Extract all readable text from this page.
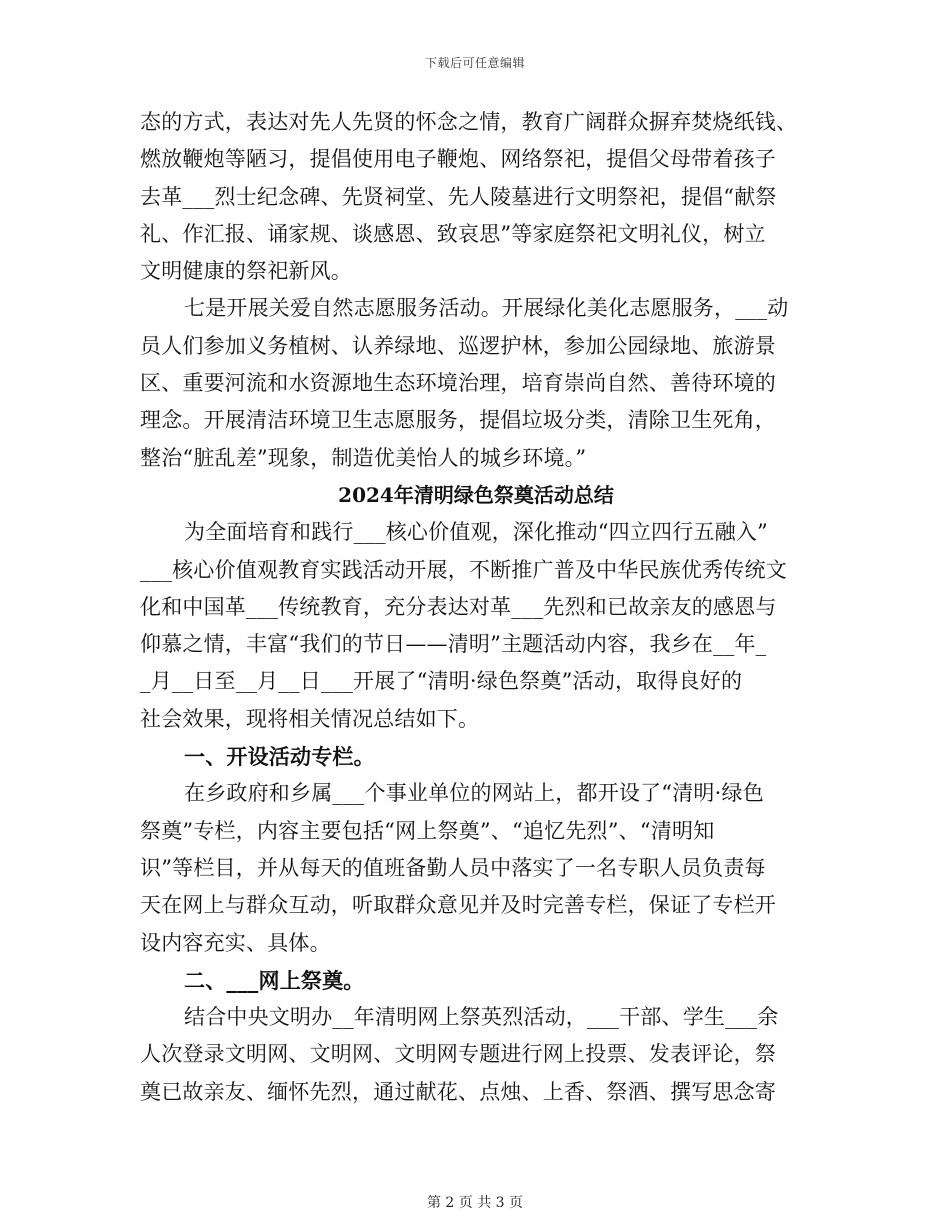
下载后可任意编辑
态的方式，表达对先人先贤的怀念之情，教育广阔群众摒弃焚烧纸钱、
燃放鞭炮等陋习，提倡使用电子鞭炮、网络祭祀，提倡父母带着孩子
去革___烈士纪念碑、先贤祠堂、先人陵墓进行文明祭祀，提倡“献祭
礼、作汇报、诵家规、谈感恩、致哀思”等家庭祭祀文明礼仪，树立
文明健康的祭祀新风。
七是开展关爱自然志愿服务活动。开展绿化美化志愿服务，___动
员人们参加义务植树、认养绿地、巡逻护林，参加公园绿地、旅游景
区、重要河流和水资源地生态环境治理，培育崇尚自然、善待环境的
理念。开展清洁环境卫生志愿服务，提倡垃圾分类，清除卫生死角，
整治“脏乱差”现象，制造优美怡人的城乡环境。”
2024年清明绿色祭奠活动总结
为全面培育和践行___核心价值观，深化推动“四立四行五融入”
___核心价值观教育实践活动开展，不断推广普及中华民族优秀传统文
化和中国革___传统教育，充分表达对革___先烈和已故亲友的感恩与
仰慕之情，丰富“我们的节日——清明”主题活动内容，我乡在__年_
_月__日至__月__日___开展了“清明·绿色祭奠”活动，取得良好的
社会效果，现将相关情况总结如下。
一、开设活动专栏。
在乡政府和乡属___个事业单位的网站上，都开设了“清明·绿色
祭奠”专栏，内容主要包括“网上祭奠”、“追忆先烈”、“清明知
识”等栏目，并从每天的值班备勤人员中落实了一名专职人员负责每
天在网上与群众互动，听取群众意见并及时完善专栏，保证了专栏开
设内容充实、具体。
二、___网上祭奠。
结合中央文明办__年清明网上祭英烈活动，___干部、学生___余
人次登录文明网、文明网、文明网专题进行网上投票、发表评论，祭
奠已故亲友、缅怀先烈，通过献花、点烛、上香、祭酒、撰写思念寄
第 2 页 共 3 页
